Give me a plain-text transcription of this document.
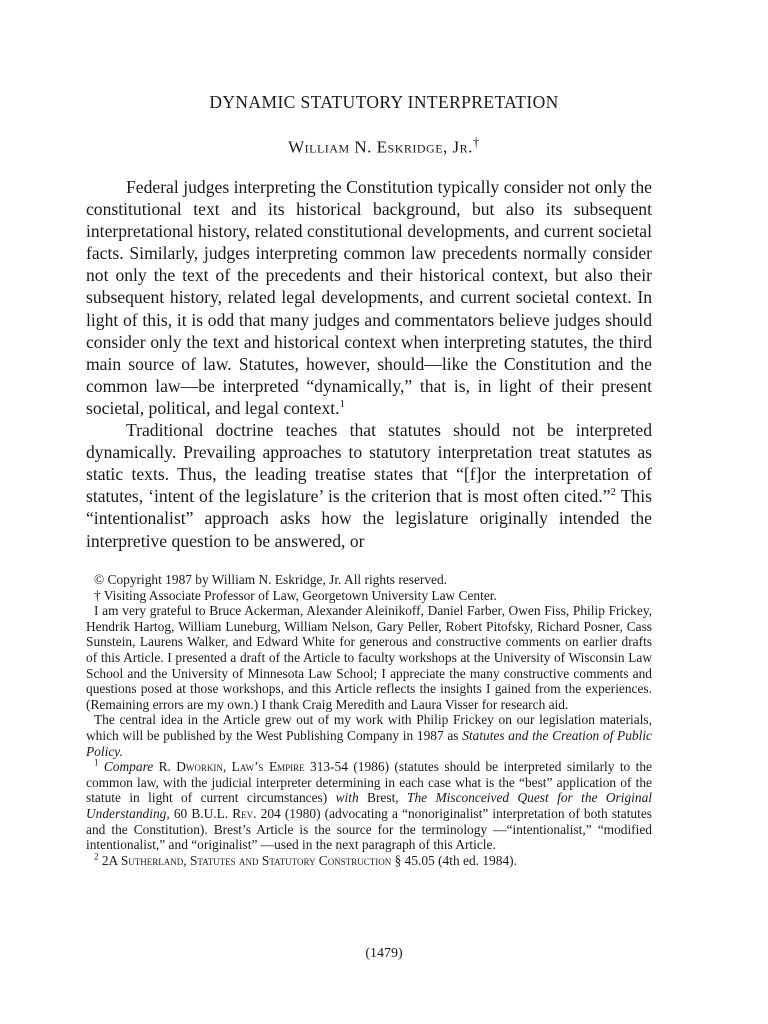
DYNAMIC STATUTORY INTERPRETATION
William N. Eskridge, Jr.†

Federal judges interpreting the Constitution typically consider not only the constitutional text and its historical background, but also its subsequent interpretational history, related constitutional developments, and current societal facts. Similarly, judges interpreting common law precedents normally consider not only the text of the precedents and their historical context, but also their subsequent history, related legal developments, and current societal context. In light of this, it is odd that many judges and commentators believe judges should consider only the text and historical context when interpreting statutes, the third main source of law. Statutes, however, should—like the Constitution and the common law—be interpreted “dynamically,” that is, in light of their present societal, political, and legal context.$^1$

Traditional doctrine teaches that statutes should not be interpreted dynamically. Prevailing approaches to statutory interpretation treat statutes as static texts. Thus, the leading treatise states that “[f]or the interpretation of statutes, ‘intent of the legislature’ is the criterion that is most often cited.”$^2$ This “intentionalist” approach asks how the legislature originally intended the interpretive question to be answered, or

© Copyright 1987 by William N. Eskridge, Jr. All rights reserved.

† Visiting Associate Professor of Law, Georgetown University Law Center.

I am very grateful to Bruce Ackerman, Alexander Aleinikoff, Daniel Farber, Owen Fiss, Philip Frickey, Hendrik Hartog, William Luneburg, William Nelson, Gary Peller, Robert Pitofsky, Richard Posner, Cass Sunstein, Laurens Walker, and Edward White for generous and constructive comments on earlier drafts of this Article. I presented a draft of the Article to faculty workshops at the University of Wisconsin Law School and the University of Minnesota Law School; I appreciate the many constructive comments and questions posed at those workshops, and this Article reflects the insights I gained from the experiences. (Remaining errors are my own.) I thank Craig Meredith and Laura Visser for research aid.

The central idea in the Article grew out of my work with Philip Frickey on our legislation materials, which will be published by the West Publishing Company in 1987 as Statutes and the Creation of Public Policy.

$^1$ Compare R. Dworkin, Law’s Empire 313-54 (1986) (statutes should be interpreted similarly to the common law, with the judicial interpreter determining in each case what is the “best” application of the statute in light of current circumstances) with Brest, The Misconceived Quest for the Original Understanding, 60 B.U.L. Rev. 204 (1980) (advocating a “nonoriginalist” interpretation of both statutes and the Constitution). Brest’s Article is the source for the terminology —“intentionalist,” “modified intentionalist,” and “originalist” —used in the next paragraph of this Article.

$^2$ 2A Sutherland, Statutes and Statutory Construction § 45.05 (4th ed. 1984).

(1479)
